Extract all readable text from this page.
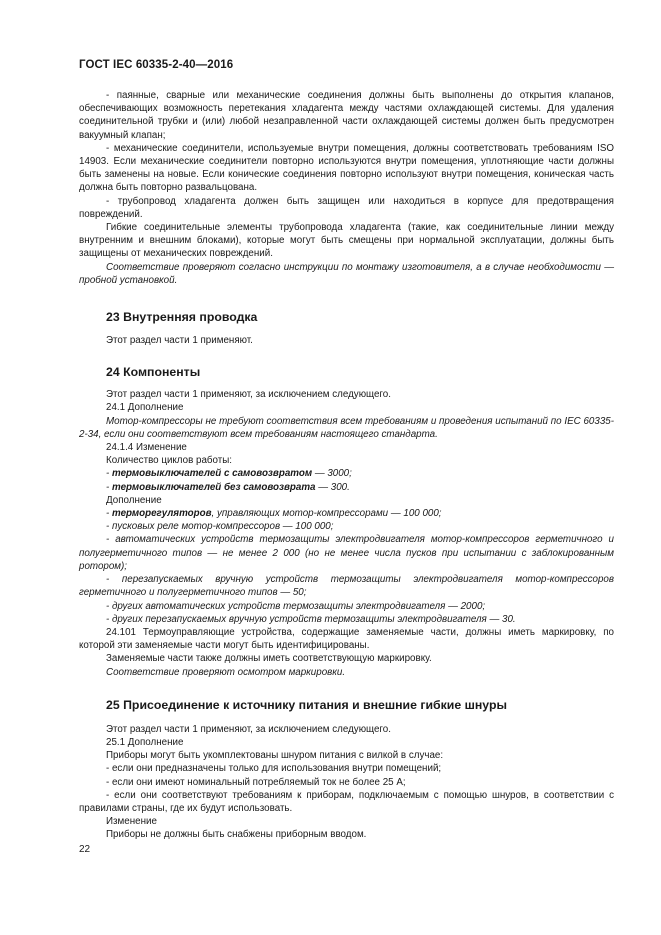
ГОСТ IEC 60335-2-40—2016

- паянные, сварные или механические соединения должны быть выполнены до открытия клапанов, обеспечивающих возможность перетекания хладагента между частями охлаждающей системы. Для удаления соединительной трубки и (или) любой незаправленной части охлаждающей системы должен быть предусмотрен вакуумный клапан;

- механические соединители, используемые внутри помещения, должны соответствовать требованиям ISO 14903. Если механические соединители повторно используются внутри помещения, уплотняющие части должны быть заменены на новые. Если конические соединения повторно используют внутри помещения, коническая часть должна быть повторно развальцована.

- трубопровод хладагента должен быть защищен или находиться в корпусе для предотвращения повреждений.

Гибкие соединительные элементы трубопровода хладагента (такие, как соединительные линии между внутренним и внешним блоками), которые могут быть смещены при нормальной эксплуатации, должны быть защищены от механических повреждений.

Соответствие проверяют согласно инструкции по монтажу изготовителя, а в случае необходимости — пробной установкой.

23 Внутренняя проводка

Этот раздел части 1 применяют.

24 Компоненты

Этот раздел части 1 применяют, за исключением следующего.

24.1 Дополнение

Мотор-компрессоры не требуют соответствия всем требованиям и проведения испытаний по IEC 60335-2-34, если они соответствуют всем требованиям настоящего стандарта.

24.1.4 Изменение

Количество циклов работы:

- термовыключателей с самовозвратом — 3000;

- термовыключателей без самовозврата — 300.

Дополнение

- терморегуляторов, управляющих мотор-компрессорами — 100 000;

- пусковых реле мотор-компрессоров — 100 000;

- автоматических устройств термозащиты электродвигателя мотор-компрессоров герметичного и полугерметичного типов — не менее 2 000 (но не менее числа пусков при испытании с заблокированным ротором);

- перезапускаемых вручную устройств термозащиты электродвигателя мотор-компрессоров герметичного и полугерметичного типов — 50;

- других автоматических устройств термозащиты электродвигателя — 2000;

- других перезапускаемых вручную устройств термозащиты электродвигателя — 30.

24.101 Термоуправляющие устройства, содержащие заменяемые части, должны иметь маркировку, по которой эти заменяемые части могут быть идентифицированы.

Заменяемые части также должны иметь соответствующую маркировку.

Соответствие проверяют осмотром маркировки.

25 Присоединение к источнику питания и внешние гибкие шнуры

Этот раздел части 1 применяют, за исключением следующего.

25.1 Дополнение

Приборы могут быть укомплектованы шнуром питания с вилкой в случае:

- если они предназначены только для использования внутри помещений;

- если они имеют номинальный потребляемый ток не более 25 А;

- если они соответствуют требованиям к приборам, подключаемым с помощью шнуров, в соответствии с правилами страны, где их будут использовать.

Изменение

Приборы не должны быть снабжены приборным вводом.

22
